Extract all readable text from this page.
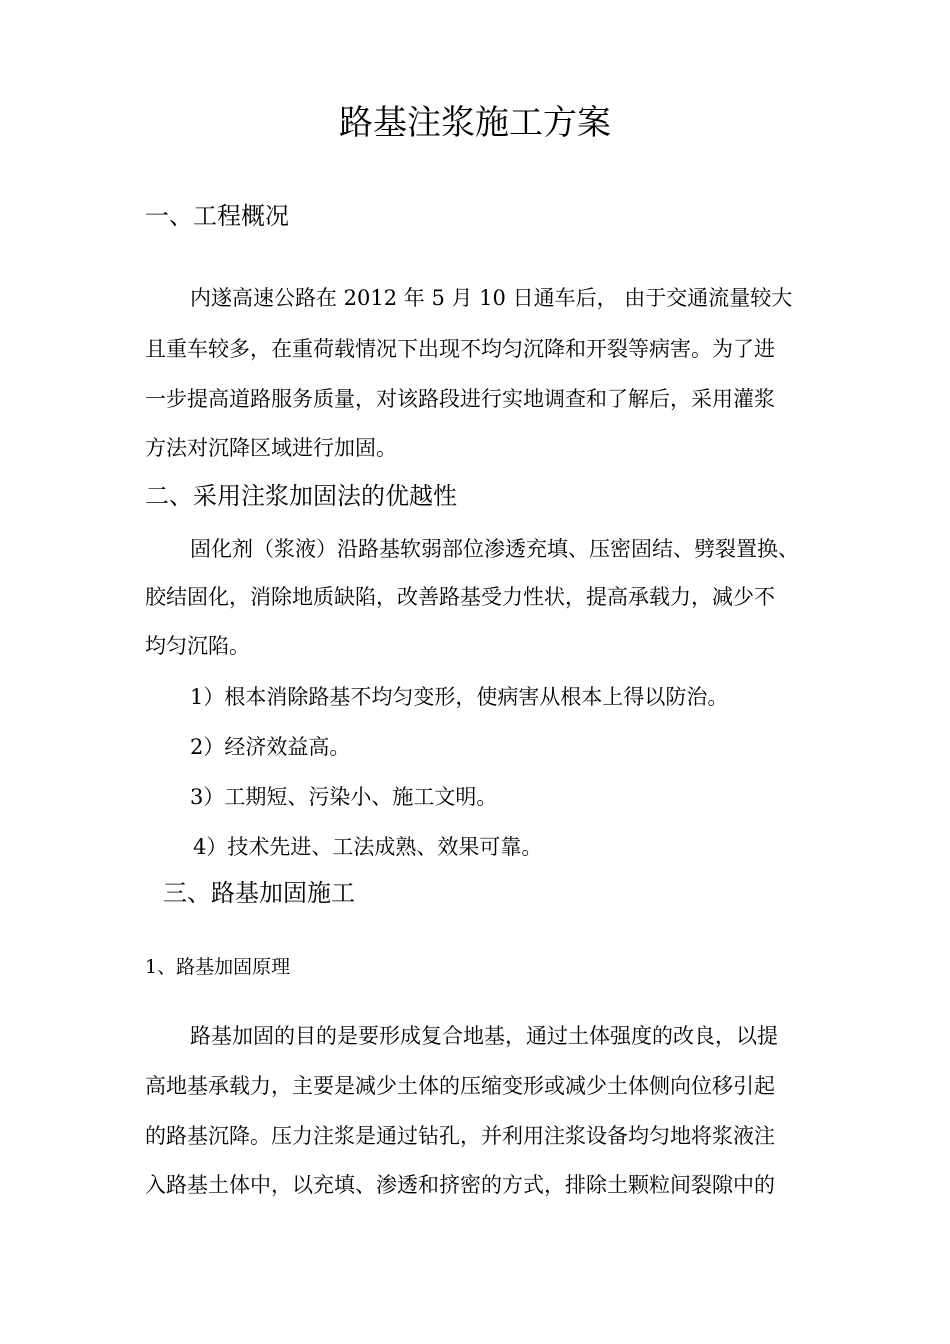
路基注浆施工方案
一、工程概况
内遂高速公路在 2012 年 5 月 10 日通车后， 由于交通流量较大
且重车较多，在重荷载情况下出现不均匀沉降和开裂等病害。为了进
一步提高道路服务质量，对该路段进行实地调查和了解后，采用灌浆
方法对沉降区域进行加固。
二、采用注浆加固法的优越性
固化剂（浆液）沿路基软弱部位渗透充填、压密固结、劈裂置换、
胶结固化，消除地质缺陷，改善路基受力性状，提高承载力，减少不
均匀沉陷。
1）根本消除路基不均匀变形，使病害从根本上得以防治。
2）经济效益高。
3）工期短、污染小、施工文明。
4）技术先进、工法成熟、效果可靠。
三、路基加固施工
1、路基加固原理
路基加固的目的是要形成复合地基，通过土体强度的改良，以提
高地基承载力，主要是减少土体的压缩变形或减少土体侧向位移引起
的路基沉降。压力注浆是通过钻孔，并利用注浆设备均匀地将浆液注
入路基土体中，以充填、渗透和挤密的方式，排除土颗粒间裂隙中的
